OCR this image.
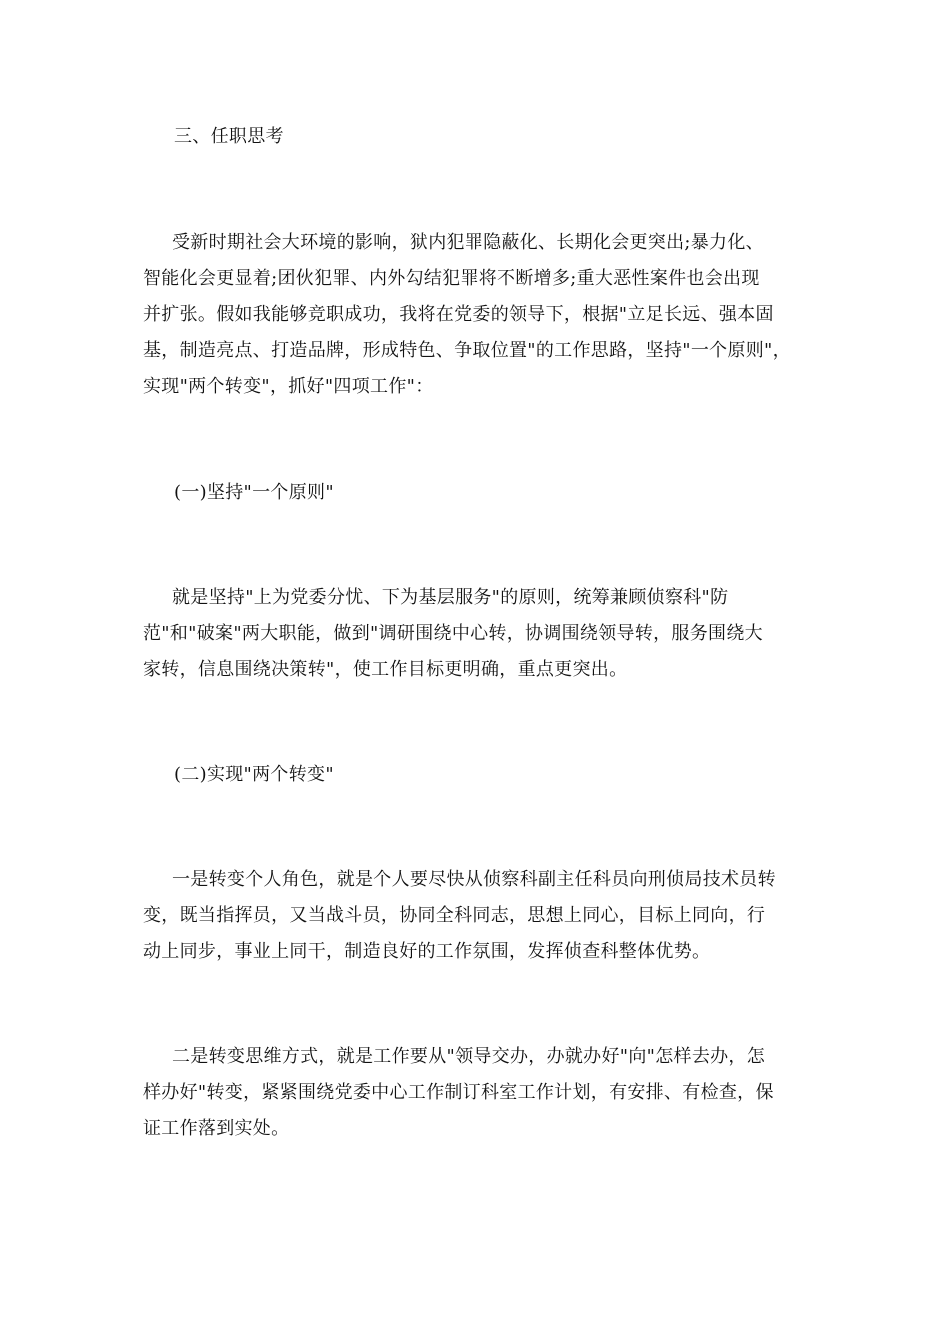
三、任职思考
受新时期社会大环境的影响，狱内犯罪隐蔽化、长期化会更突出;暴力化、
智能化会更显着;团伙犯罪、内外勾结犯罪将不断增多;重大恶性案件也会出现
并扩张。假如我能够竞职成功，我将在党委的领导下，根据"立足长远、强本固
基，制造亮点、打造品牌，形成特色、争取位置"的工作思路，坚持"一个原则"，
实现"两个转变"，抓好"四项工作"：
(一)坚持"一个原则"
就是坚持"上为党委分忧、下为基层服务"的原则，统筹兼顾侦察科"防
范"和"破案"两大职能，做到"调研围绕中心转，协调围绕领导转，服务围绕大
家转，信息围绕决策转"，使工作目标更明确，重点更突出。
(二)实现"两个转变"
一是转变个人角色，就是个人要尽快从侦察科副主任科员向刑侦局技术员转
变，既当指挥员，又当战斗员，协同全科同志，思想上同心，目标上同向，行
动上同步，事业上同干，制造良好的工作氛围，发挥侦查科整体优势。
二是转变思维方式，就是工作要从"领导交办，办就办好"向"怎样去办，怎
样办好"转变，紧紧围绕党委中心工作制订科室工作计划，有安排、有检查，保
证工作落到实处。
